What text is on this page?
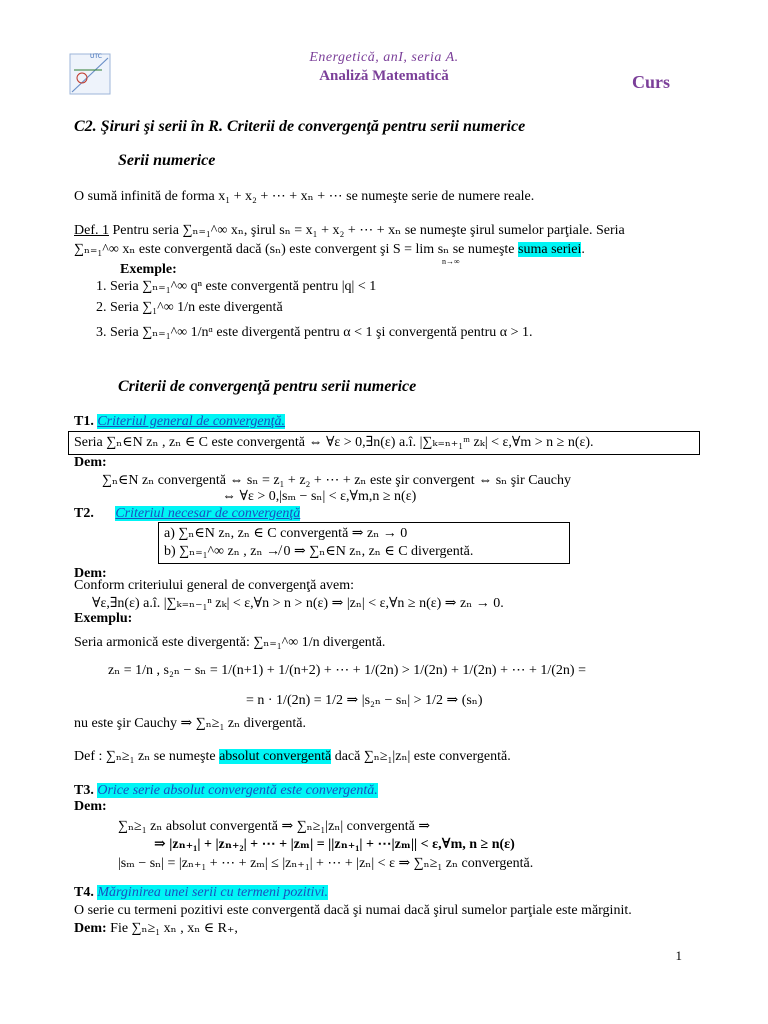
UTC	Energetică, anI, seria A.
Analiză Matematică	Curs
C2. Şiruri şi serii în R. Criterii de convergenţă pentru serii numerice
Serii numerice
O sumă infinită de forma x₁ + x₂ + ⋯ + xₙ + ⋯ se numeşte serie de numere reale.
Def. 1 Pentru seria ∑ₙ₌₁^∞ xₙ, şirul sₙ = x₁ + x₂ + ⋯ + xₙ se numeşte şirul sumelor parţiale. Seria
∑ₙ₌₁^∞ xₙ este convergentă dacă (sₙ) este convergent şi S = lim sₙ se numeşte suma seriei.
n→∞
Exemple:
1. Seria ∑ₙ₌₁^∞ qⁿ este convergentă pentru |q| < 1
2. Seria ∑₁^∞ 1/n este divergentă
3. Seria ∑ₙ₌₁^∞ 1/nᵅ este divergentă pentru α < 1 şi convergentă pentru α > 1.
Criterii de convergenţă pentru serii numerice
T1. Criteriul general de convergenţă.
Seria ∑ₙ∈N zₙ , zₙ ∈ C este convergentă ⇔ ∀ε > 0,∃n(ε) a.î. |∑ₖ₌ₙ₊₁ᵐ zₖ| < ε,∀m > n ≥ n(ε).
Dem:
∑ₙ∈N zₙ convergentă ⇔ sₙ = z₁ + z₂ + ⋯ + zₙ este şir convergent ⇔ sₙ şir Cauchy
⇔ ∀ε > 0,|sₘ − sₙ| < ε,∀m,n ≥ n(ε)
T2. Criteriul necesar de convergenţă
a) ∑ₙ∈N zₙ, zₙ ∈ C convergentă ⇒ zₙ → 0
b) ∑ₙ₌₁^∞ zₙ , zₙ ↛ 0 ⇒ ∑ₙ∈N zₙ, zₙ ∈ C divergentă.
Dem:
Conform criteriului general de convergenţă avem:
∀ε,∃n(ε) a.î. |∑ₖ₌ₙ₋₁ⁿ zₖ| < ε,∀n > n > n(ε) ⇒ |zₙ| < ε,∀n ≥ n(ε) ⇒ zₙ → 0.
Exemplu:
Seria armonică este divergentă: ∑ₙ₌₁^∞ 1/n divergentă.
zₙ = 1/n , s₂ₙ − sₙ = 1/(n+1) + 1/(n+2) + ⋯ + 1/(2n) > 1/(2n) + 1/(2n) + ⋯ + 1/(2n) =
= n · 1/(2n) = 1/2 ⇒ |s₂ₙ − sₙ| > 1/2 ⇒ (sₙ)
nu este şir Cauchy ⇒ ∑ₙ≥₁ zₙ divergentă.
Def : ∑ₙ≥₁ zₙ se numeşte absolut convergentă dacă ∑ₙ≥₁|zₙ| este convergentă.
T3. Orice serie absolut convergentă este convergentă.
Dem:
∑ₙ≥₁ zₙ absolut convergentă ⇒ ∑ₙ≥₁|zₙ| convergentă ⇒
⇒ |zₙ₊₁| + |zₙ₊₂| + ⋯ + |zₘ| = ||zₙ₊₁| + ⋯|zₘ|| < ε,∀m, n ≥ n(ε)
|sₘ − sₙ| = |zₙ₊₁ + ⋯ + zₘ| ≤ |zₙ₊₁| + ⋯ + |zₙ| < ε ⇒ ∑ₙ≥₁ zₙ convergentă.
T4. Mărginirea unei serii cu termeni pozitivi.
O serie cu termeni pozitivi este convergentă dacă şi numai dacă şirul sumelor parţiale este mărginit.
Dem: Fie ∑ₙ≥₁ xₙ , xₙ ∈ R₊,
1
